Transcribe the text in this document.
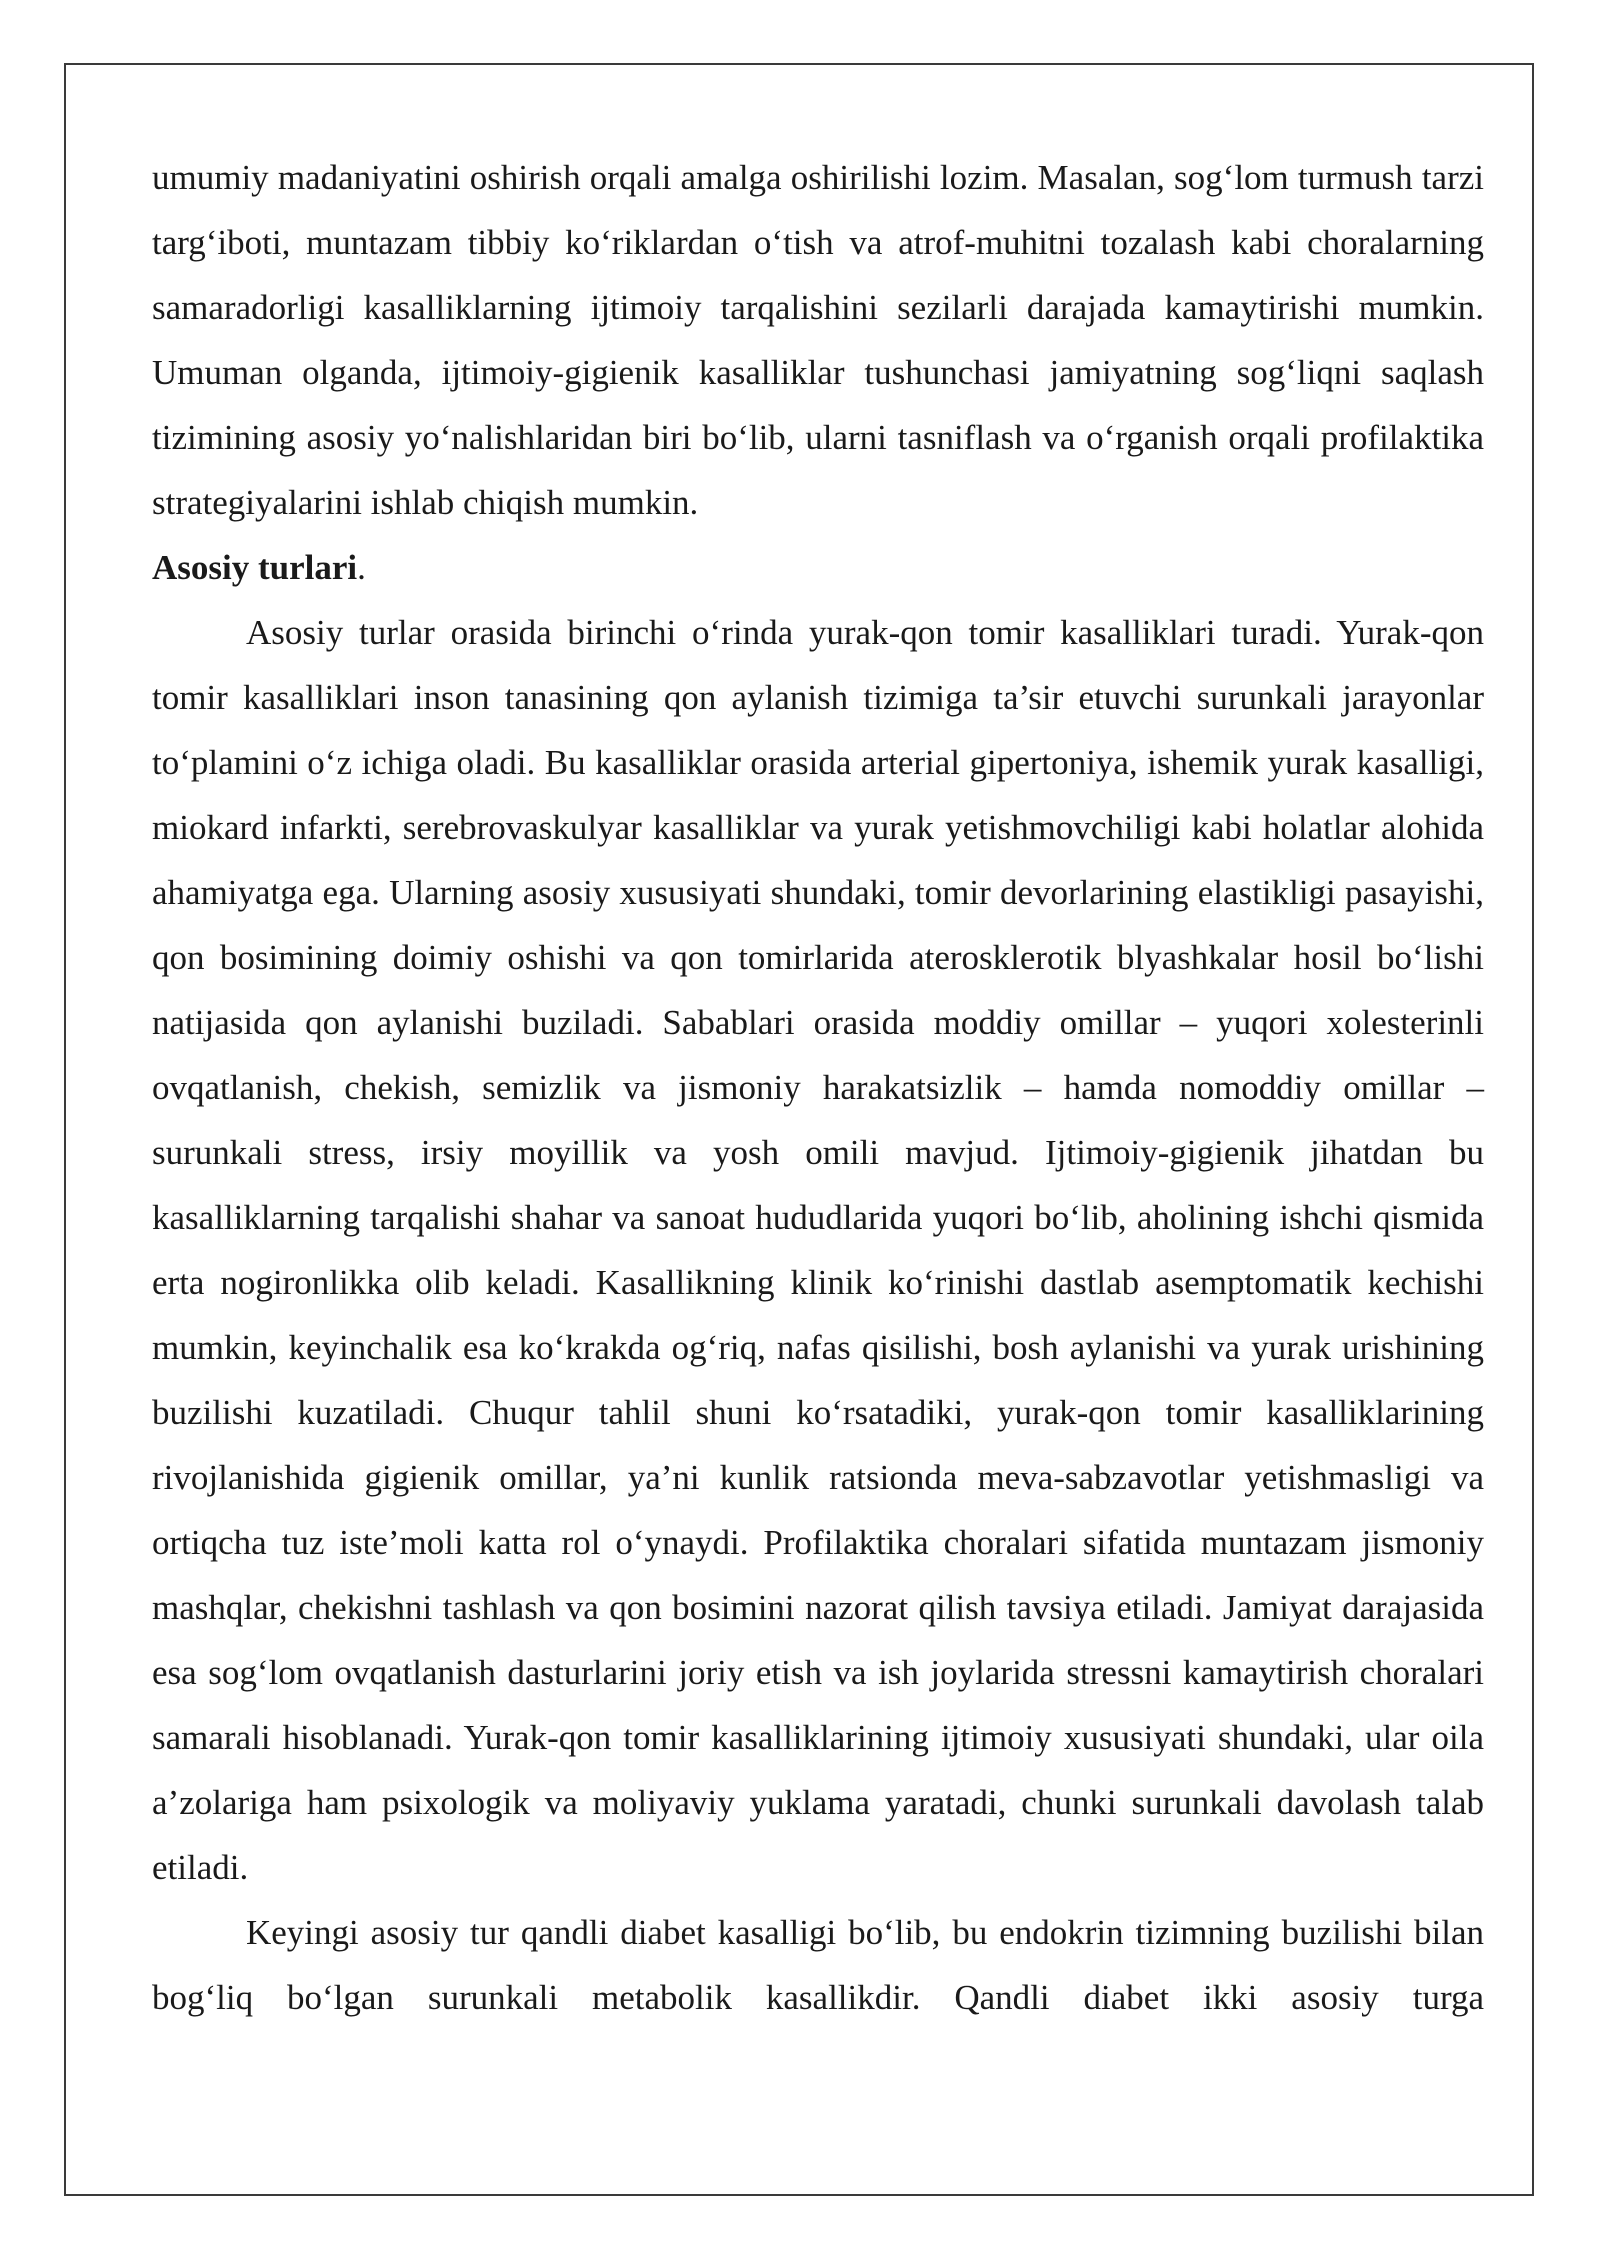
umumiy madaniyatini oshirish orqali amalga oshirilishi lozim. Masalan, sog‘lom turmush tarzi targ‘iboti, muntazam tibbiy ko‘riklardan o‘tish va atrof-muhitni tozalash kabi choralarning samaradorligi kasalliklarning ijtimoiy tarqalishini sezilarli darajada kamaytirishi mumkin. Umuman olganda, ijtimoiy-gigienik kasalliklar tushunchasi jamiyatning sog‘liqni saqlash tizimining asosiy yo‘nalishlaridan biri bo‘lib, ularni tasniflash va o‘rganish orqali profilaktika strategiyalarini ishlab chiqish mumkin.

Asosiy turlari.

Asosiy turlar orasida birinchi o‘rinda yurak-qon tomir kasalliklari turadi. Yurak-qon tomir kasalliklari inson tanasining qon aylanish tizimiga ta’sir etuvchi surunkali jarayonlar to‘plamini o‘z ichiga oladi. Bu kasalliklar orasida arterial gipertoniya, ishemik yurak kasalligi, miokard infarkti, serebrovaskulyar kasalliklar va yurak yetishmovchiligi kabi holatlar alohida ahamiyatga ega. Ularning asosiy xususiyati shundaki, tomir devorlarining elastikligi pasayishi, qon bosimining doimiy oshishi va qon tomirlarida aterosklerotik blyashkalar hosil bo‘lishi natijasida qon aylanishi buziladi. Sabablari orasida moddiy omillar – yuqori xolesterinli ovqatlanish, chekish, semizlik va jismoniy harakatsizlik – hamda nomoddiy omillar – surunkali stress, irsiy moyillik va yosh omili mavjud. Ijtimoiy-gigienik jihatdan bu kasalliklarning tarqalishi shahar va sanoat hududlarida yuqori bo‘lib, aholining ishchi qismida erta nogironlikka olib keladi. Kasallikning klinik ko‘rinishi dastlab asemptomatik kechishi mumkin, keyinchalik esa ko‘krakda og‘riq, nafas qisilishi, bosh aylanishi va yurak urishining buzilishi kuzatiladi. Chuqur tahlil shuni ko‘rsatadiki, yurak-qon tomir kasalliklarining rivojlanishida gigienik omillar, ya’ni kunlik ratsionda meva-sabzavotlar yetishmasligi va ortiqcha tuz iste’moli katta rol o‘ynaydi. Profilaktika choralari sifatida muntazam jismoniy mashqlar, chekishni tashlash va qon bosimini nazorat qilish tavsiya etiladi. Jamiyat darajasida esa sog‘lom ovqatlanish dasturlarini joriy etish va ish joylarida stressni kamaytirish choralari samarali hisoblanadi. Yurak-qon tomir kasalliklarining ijtimoiy xususiyati shundaki, ular oila a’zolariga ham psixologik va moliyaviy yuklama yaratadi, chunki surunkali davolash talab etiladi.

Keyingi asosiy tur qandli diabet kasalligi bo‘lib, bu endokrin tizimning buzilishi bilan bog‘liq bo‘lgan surunkali metabolik kasallikdir. Qandli diabet ikki asosiy turga
